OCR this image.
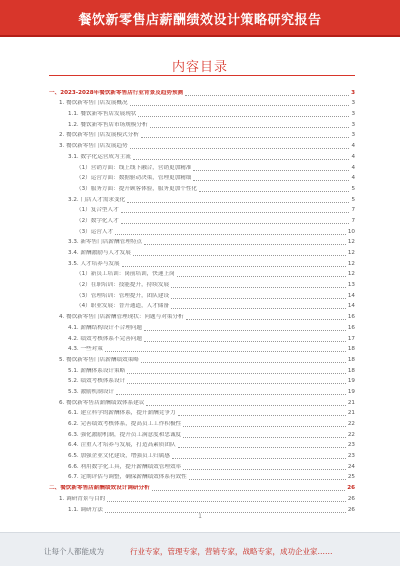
餐饮新零售店薪酬绩效设计策略研究报告
内容目录
一、2023-2028年餐饮新零售店行业背景及趋势预测	3
1. 餐饮新零售门店发展概况	3
1.1. 餐饮新零售店发展现状	3
1.2. 餐饮新零售店市场规模分析	3
2. 餐饮新零售门店发展模式分析	3
3. 餐饮新零售门店发展趋势	4
3.1. 数字化运营成为主流	4
（1）营销方面：线上线下融合，营销更加精准	4
（2）运营方面：数据驱动决策，管理更加精细	4
（3）服务方面：提升顾客体验，服务更加个性化	5
3.2. 门店人才需求变化	5
（1）复合型人才	7
（2）数字化人才	7
（3）运营人才	10
3.3. 新零售门店薪酬管理特点	12
3.4. 薪酬激励与人才发展	12
3.5. 人才培养与发展	12
（1）新员工培训：岗前培训，快速上岗	12
（2）在职培训：技能提升，持续发展	13
（3）管理培训：管理提升，团队建设	14
（4）职业发展：晋升通道，人才储备	14
4. 餐饮新零售门店薪酬管理现状：问题与对策分析	16
4.1. 薪酬结构设计不合理问题	16
4.2. 绩效考核体系不完善问题	17
4.3. 一些对策	18
5. 餐饮新零售门店薪酬绩效策略	18
5.1. 薪酬体系设计策略	18
5.2. 绩效考核体系设计	19
5.3. 激励机制设计	19
6. 餐饮新零售店薪酬绩效体系建议	21
6.1. 建立科学的薪酬体系，提升薪酬竞争力	21
6.2. 完善绩效考核体系，提高员工工作积极性	22
6.3. 强化激励机制，提升员工满意度和忠诚度	22
6.4. 注重人才培养与发展，打造高素质团队	23
6.5. 加强企业文化建设，增强员工归属感	23
6.6. 利用数字化工具，提升薪酬绩效管理效率	24
6.7. 定期评估与调整，确保薪酬绩效体系有效性	25
二、餐饮新零售店薪酬绩效设计调研分析	26
1. 调研背景与目的	26
1.1. 调研方法	26
1
让每个人都能成为	行业专家，管理专家，营销专家，战略专家，成功企业家……
